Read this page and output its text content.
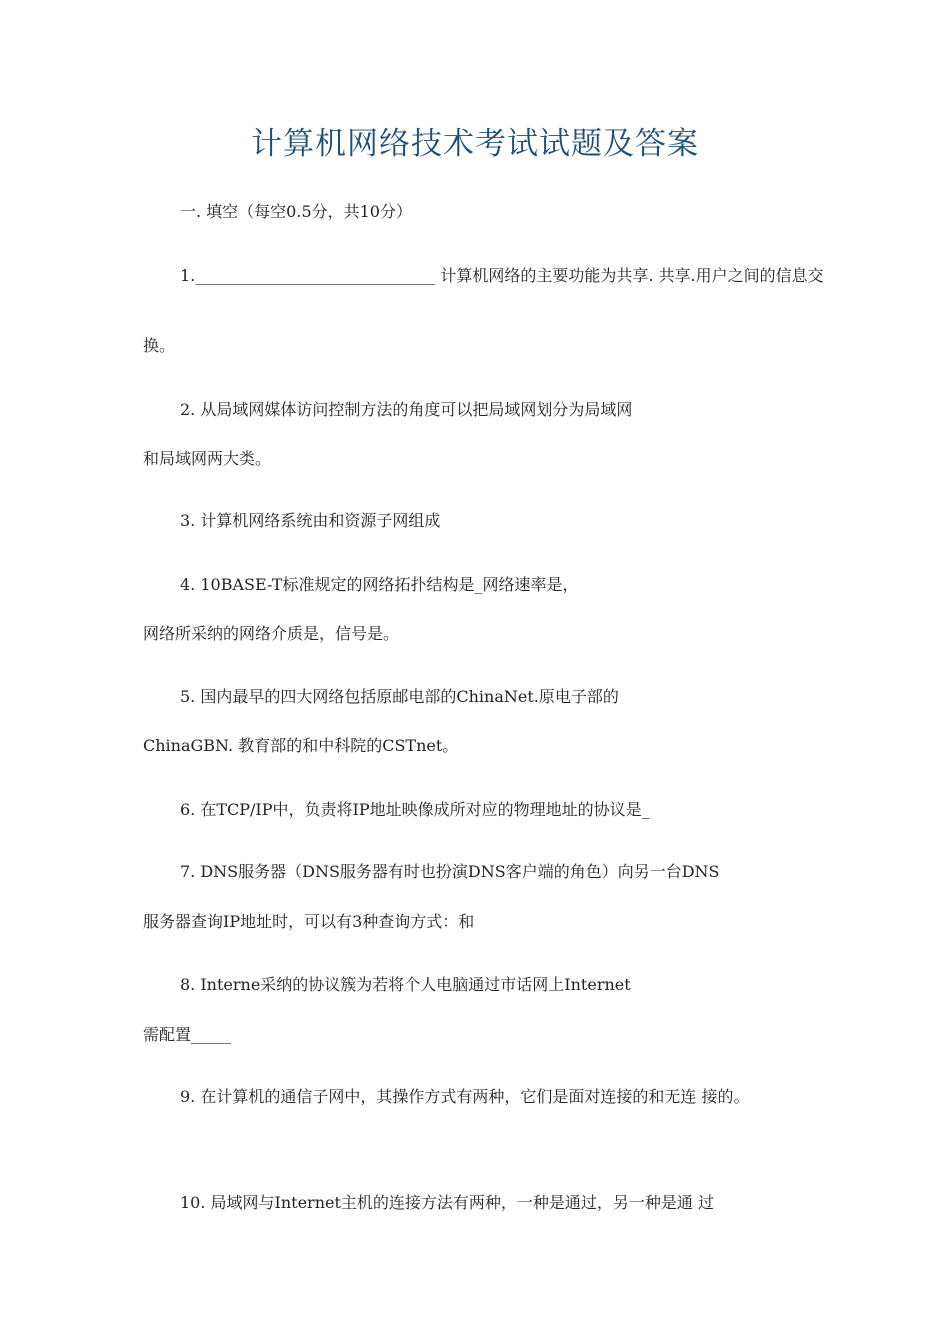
计算机网络技术考试试题及答案
一. 填空（每空0.5分，共10分）
1.______________________________ 计算机网络的主要功能为共享. 共享.用户之间的信息交
换。
2. 从局域网媒体访问控制方法的角度可以把局域网划分为局域网
和局域网两大类。
3. 计算机网络系统由和资源子网组成
4. 10BASE-T标准规定的网络拓扑结构是_网络速率是，
网络所采纳的网络介质是，信号是。
5. 国内最早的四大网络包括原邮电部的ChinaNet.原电子部的
ChinaGBN. 教育部的和中科院的CSTnet。
6. 在TCP/IP中，负责将IP地址映像成所对应的物理地址的协议是_
7. DNS服务器（DNS服务器有时也扮演DNS客户端的角色）向另一台DNS
服务器查询IP地址时，可以有3种查询方式：和
8. Interne采纳的协议簇为若将个人电脑通过市话网上Internet
需配置_____
9. 在计算机的通信子网中，其操作方式有两种，它们是面对连接的和无连 接的。
10. 局域网与Internet主机的连接方法有两种，一种是通过，另一种是通 过
